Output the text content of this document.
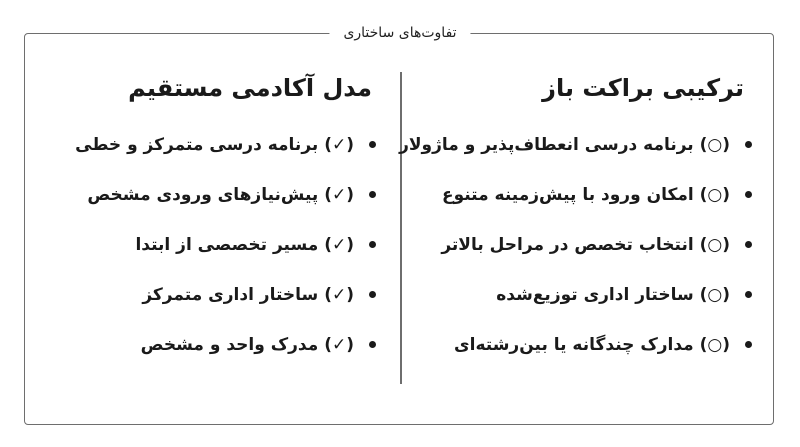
تفاوت‌های ساختاری
ترکیبی براکت باز
(○) برنامه درسی انعطاف‌پذیر و ماژولار
(○) امکان ورود با پیش‌زمینه متنوع
(○) انتخاب تخصص در مراحل بالاتر
(○) ساختار اداری توزیع‌شده
(○) مدارک چندگانه یا بین‌رشته‌ای
مدل آکادمی مستقیم
(✓) برنامه درسی متمرکز و خطی
(✓) پیش‌نیازهای ورودی مشخص
(✓) مسیر تخصصی از ابتدا
(✓) ساختار اداری متمرکز
(✓) مدرک واحد و مشخص
